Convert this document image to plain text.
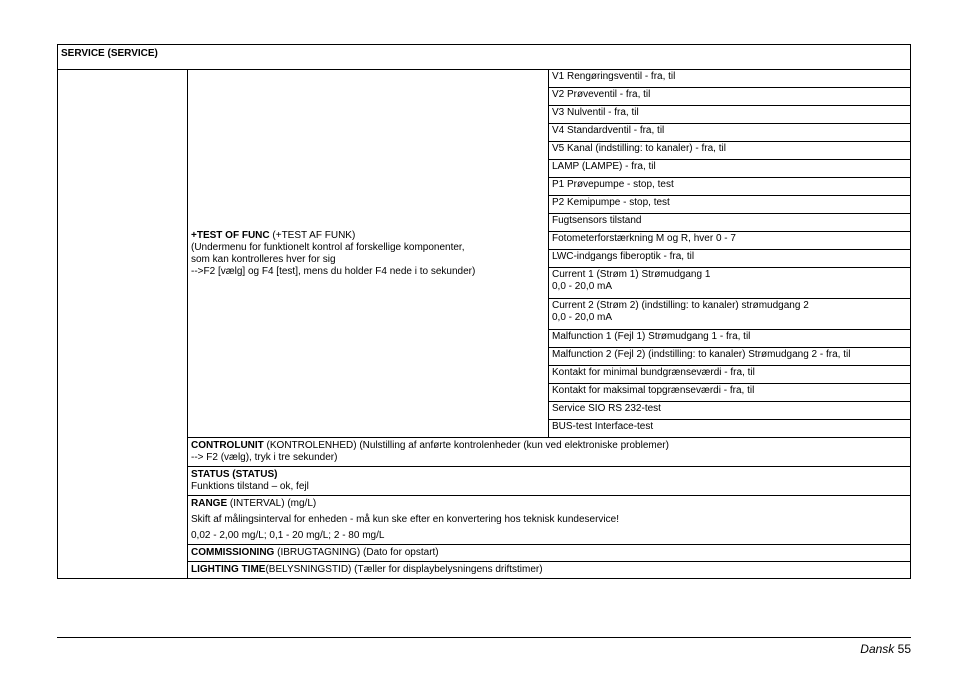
SERVICE (SERVICE)

+TEST OF FUNC (+TEST AF FUNK)
(Undermenu for funktionelt kontrol af forskellige komponenter,
som kan kontrolleres hver for sig
-->F2 [vælg] og F4 [test], mens du holder F4 nede i to sekunder)

V1 Rengøringsventil - fra, til

V2 Prøveventil - fra, til

V3 Nulventil - fra, til

V4 Standardventil - fra, til

V5 Kanal (indstilling: to kanaler) - fra, til

LAMP (LAMPE) - fra, til

P1 Prøvepumpe - stop, test

P2 Kemipumpe - stop, test

Fugtsensors tilstand

Fotometerforstærkning M og R, hver 0 - 7

LWC-indgangs fiberoptik - fra, til

Current 1 (Strøm 1) Strømudgang 1
0,0 - 20,0 mA

Current 2 (Strøm 2) (indstilling: to kanaler) strømudgang 2
0,0 - 20,0 mA

Malfunction 1 (Fejl 1) Strømudgang 1 - fra, til

Malfunction 2 (Fejl 2) (indstilling: to kanaler) Strømudgang 2 - fra, til

Kontakt for minimal bundgrænseværdi - fra, til

Kontakt for maksimal topgrænseværdi - fra, til

Service SIO RS 232-test

BUS-test Interface-test

CONTROLUNIT (KONTROLENHED) (Nulstilling af anførte kontrolenheder (kun ved elektroniske problemer)
--> F2 (vælg), tryk i tre sekunder)

STATUS (STATUS)
Funktions tilstand – ok, fejl

RANGE (INTERVAL) (mg/L)
Skift af målingsinterval for enheden - må kun ske efter en konvertering hos teknisk kundeservice!
0,02 - 2,00 mg/L; 0,1 - 20 mg/L; 2 - 80 mg/L

COMMISSIONING (IBRUGTAGNING) (Dato for opstart)

LIGHTING TIME(BELYSNINGSTID) (Tæller for displaybelysningens driftstimer)
Dansk 55
